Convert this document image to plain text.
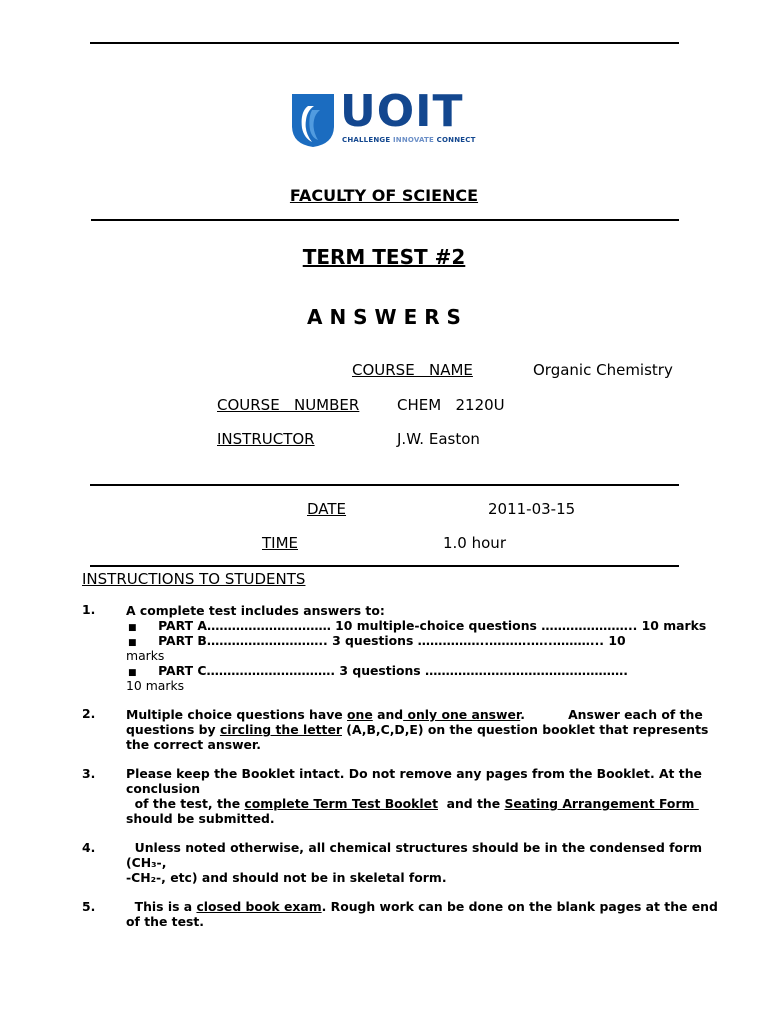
UOIT
CHALLENGE INNOVATE CONNECT
FACULTY OF SCIENCE
TERM TEST #2
A N S W E R S
COURSE   NAME	Organic Chemistry
COURSE   NUMBER	CHEM   2120U
INSTRUCTOR	J.W. Easton
DATE	2011-03-15
TIME	1.0 hour
INSTRUCTIONS TO STUDENTS
1. A complete test includes answers to:
■ PART A………………………… 10 multiple-choice questions ………………….. 10 marks
■ PART B……………………….. 3 questions ……………..……….…..………... 10
marks
■ PART C…………………………. 3 questions ………………………………………….
10 marks
2. Multiple choice questions have one and only one answer.          Answer each of the
questions by circling the letter (A,B,C,D,E) on the question booklet that represents
the correct answer.
3. Please keep the Booklet intact. Do not remove any pages from the Booklet. At the
conclusion
of the test, the complete Term Test Booklet  and the Seating Arrangement Form
should be submitted.
4. Unless noted otherwise, all chemical structures should be in the condensed form
(CH₃-,
-CH₂-, etc) and should not be in skeletal form.
5. This is a closed book exam. Rough work can be done on the blank pages at the end
of the test.
